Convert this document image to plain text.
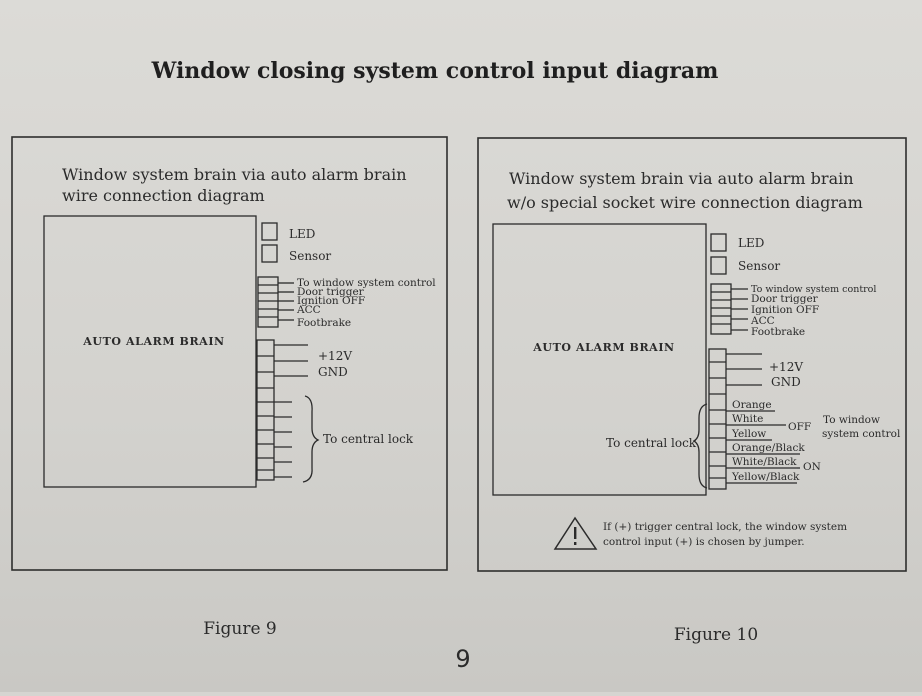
Window closing system control input diagram
Window system brain via auto alarm brain
wire connection diagram
AUTO ALARM BRAIN
LED
Sensor
To window system control
Door trigger
Ignition OFF
ACC
Footbrake
+12V
GND
To central lock
Window system brain via auto alarm brain
w/o special socket wire connection diagram
AUTO ALARM BRAIN
To central lock
LED
Sensor
To window system control
Door trigger
Ignition OFF
ACC
Footbrake
+12V
GND
Orange
White
Yellow
Orange/Black
White/Black
Yellow/Black
OFF
ON
To window
system control
If (+) trigger central lock, the window system
control input (+) is chosen by jumper.
Figure 9	Figure 10
9
